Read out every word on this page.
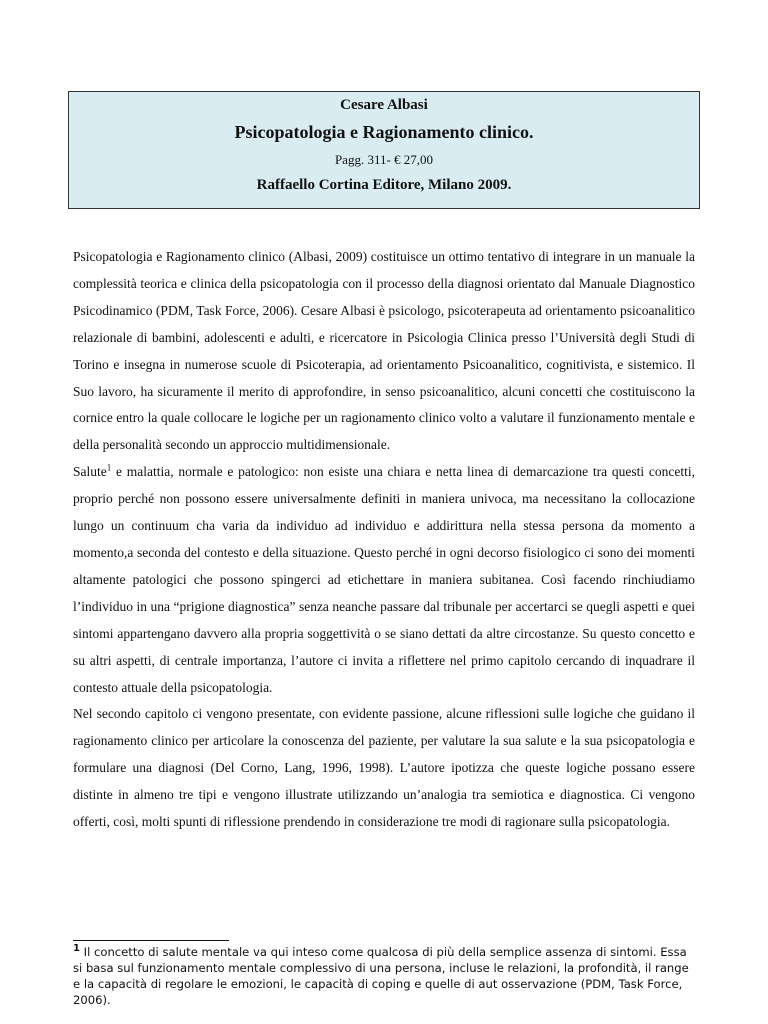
Cesare Albasi
Psicopatologia e Ragionamento clinico.
Pagg. 311- € 27,00
Raffaello Cortina Editore, Milano 2009.

Psicopatologia e Ragionamento clinico (Albasi, 2009) costituisce un ottimo tentativo di integrare in un manuale la complessità teorica e clinica della psicopatologia con il processo della diagnosi orientato dal Manuale Diagnostico Psicodinamico (PDM, Task Force, 2006). Cesare Albasi è psicologo, psicoterapeuta ad orientamento psicoanalitico relazionale di bambini, adolescenti e adulti, e ricercatore in Psicologia Clinica presso l’Università degli Studi di Torino e insegna in numerose scuole di Psicoterapia, ad orientamento Psicoanalitico, cognitivista, e sistemico. Il Suo lavoro, ha sicuramente il merito di approfondire, in senso psicoanalitico, alcuni concetti che costituiscono la cornice entro la quale collocare le logiche per un ragionamento clinico volto a valutare il funzionamento mentale e della personalità secondo un approccio multidimensionale.

Salute$^1$ e malattia, normale e patologico: non esiste una chiara e netta linea di demarcazione tra questi concetti, proprio perché non possono essere universalmente definiti in maniera univoca, ma necessitano la collocazione lungo un continuum cha varia da individuo ad individuo e addirittura nella stessa persona da momento a momento,a seconda del contesto e della situazione. Questo perché in ogni decorso fisiologico ci sono dei momenti altamente patologici che possono spingerci ad etichettare in maniera subitanea. Così facendo rinchiudiamo l’individuo in una “prigione diagnostica” senza neanche passare dal tribunale per accertarci se quegli aspetti e quei sintomi appartengano davvero alla propria soggettività o se siano dettati da altre circostanze. Su questo concetto e su altri aspetti, di centrale importanza, l’autore ci invita a riflettere nel primo capitolo cercando di inquadrare il contesto attuale della psicopatologia.

Nel secondo capitolo ci vengono presentate, con evidente passione, alcune riflessioni sulle logiche che guidano il ragionamento clinico per articolare la conoscenza del paziente, per valutare la sua salute e la sua psicopatologia e formulare una diagnosi (Del Corno, Lang, 1996, 1998). L’autore ipotizza che queste logiche possano essere distinte in almeno tre tipi e vengono illustrate utilizzando un’analogia tra semiotica e diagnostica. Ci vengono offerti, così, molti spunti di riflessione prendendo in considerazione tre modi di ragionare sulla psicopatologia.

1 Il concetto di salute mentale va qui inteso come qualcosa di più della semplice assenza di sintomi. Essa si basa sul funzionamento mentale complessivo di una persona, incluse le relazioni, la profondità, il range e la capacità di regolare le emozioni, le capacità di coping e quelle di aut osservazione (PDM, Task Force, 2006).
